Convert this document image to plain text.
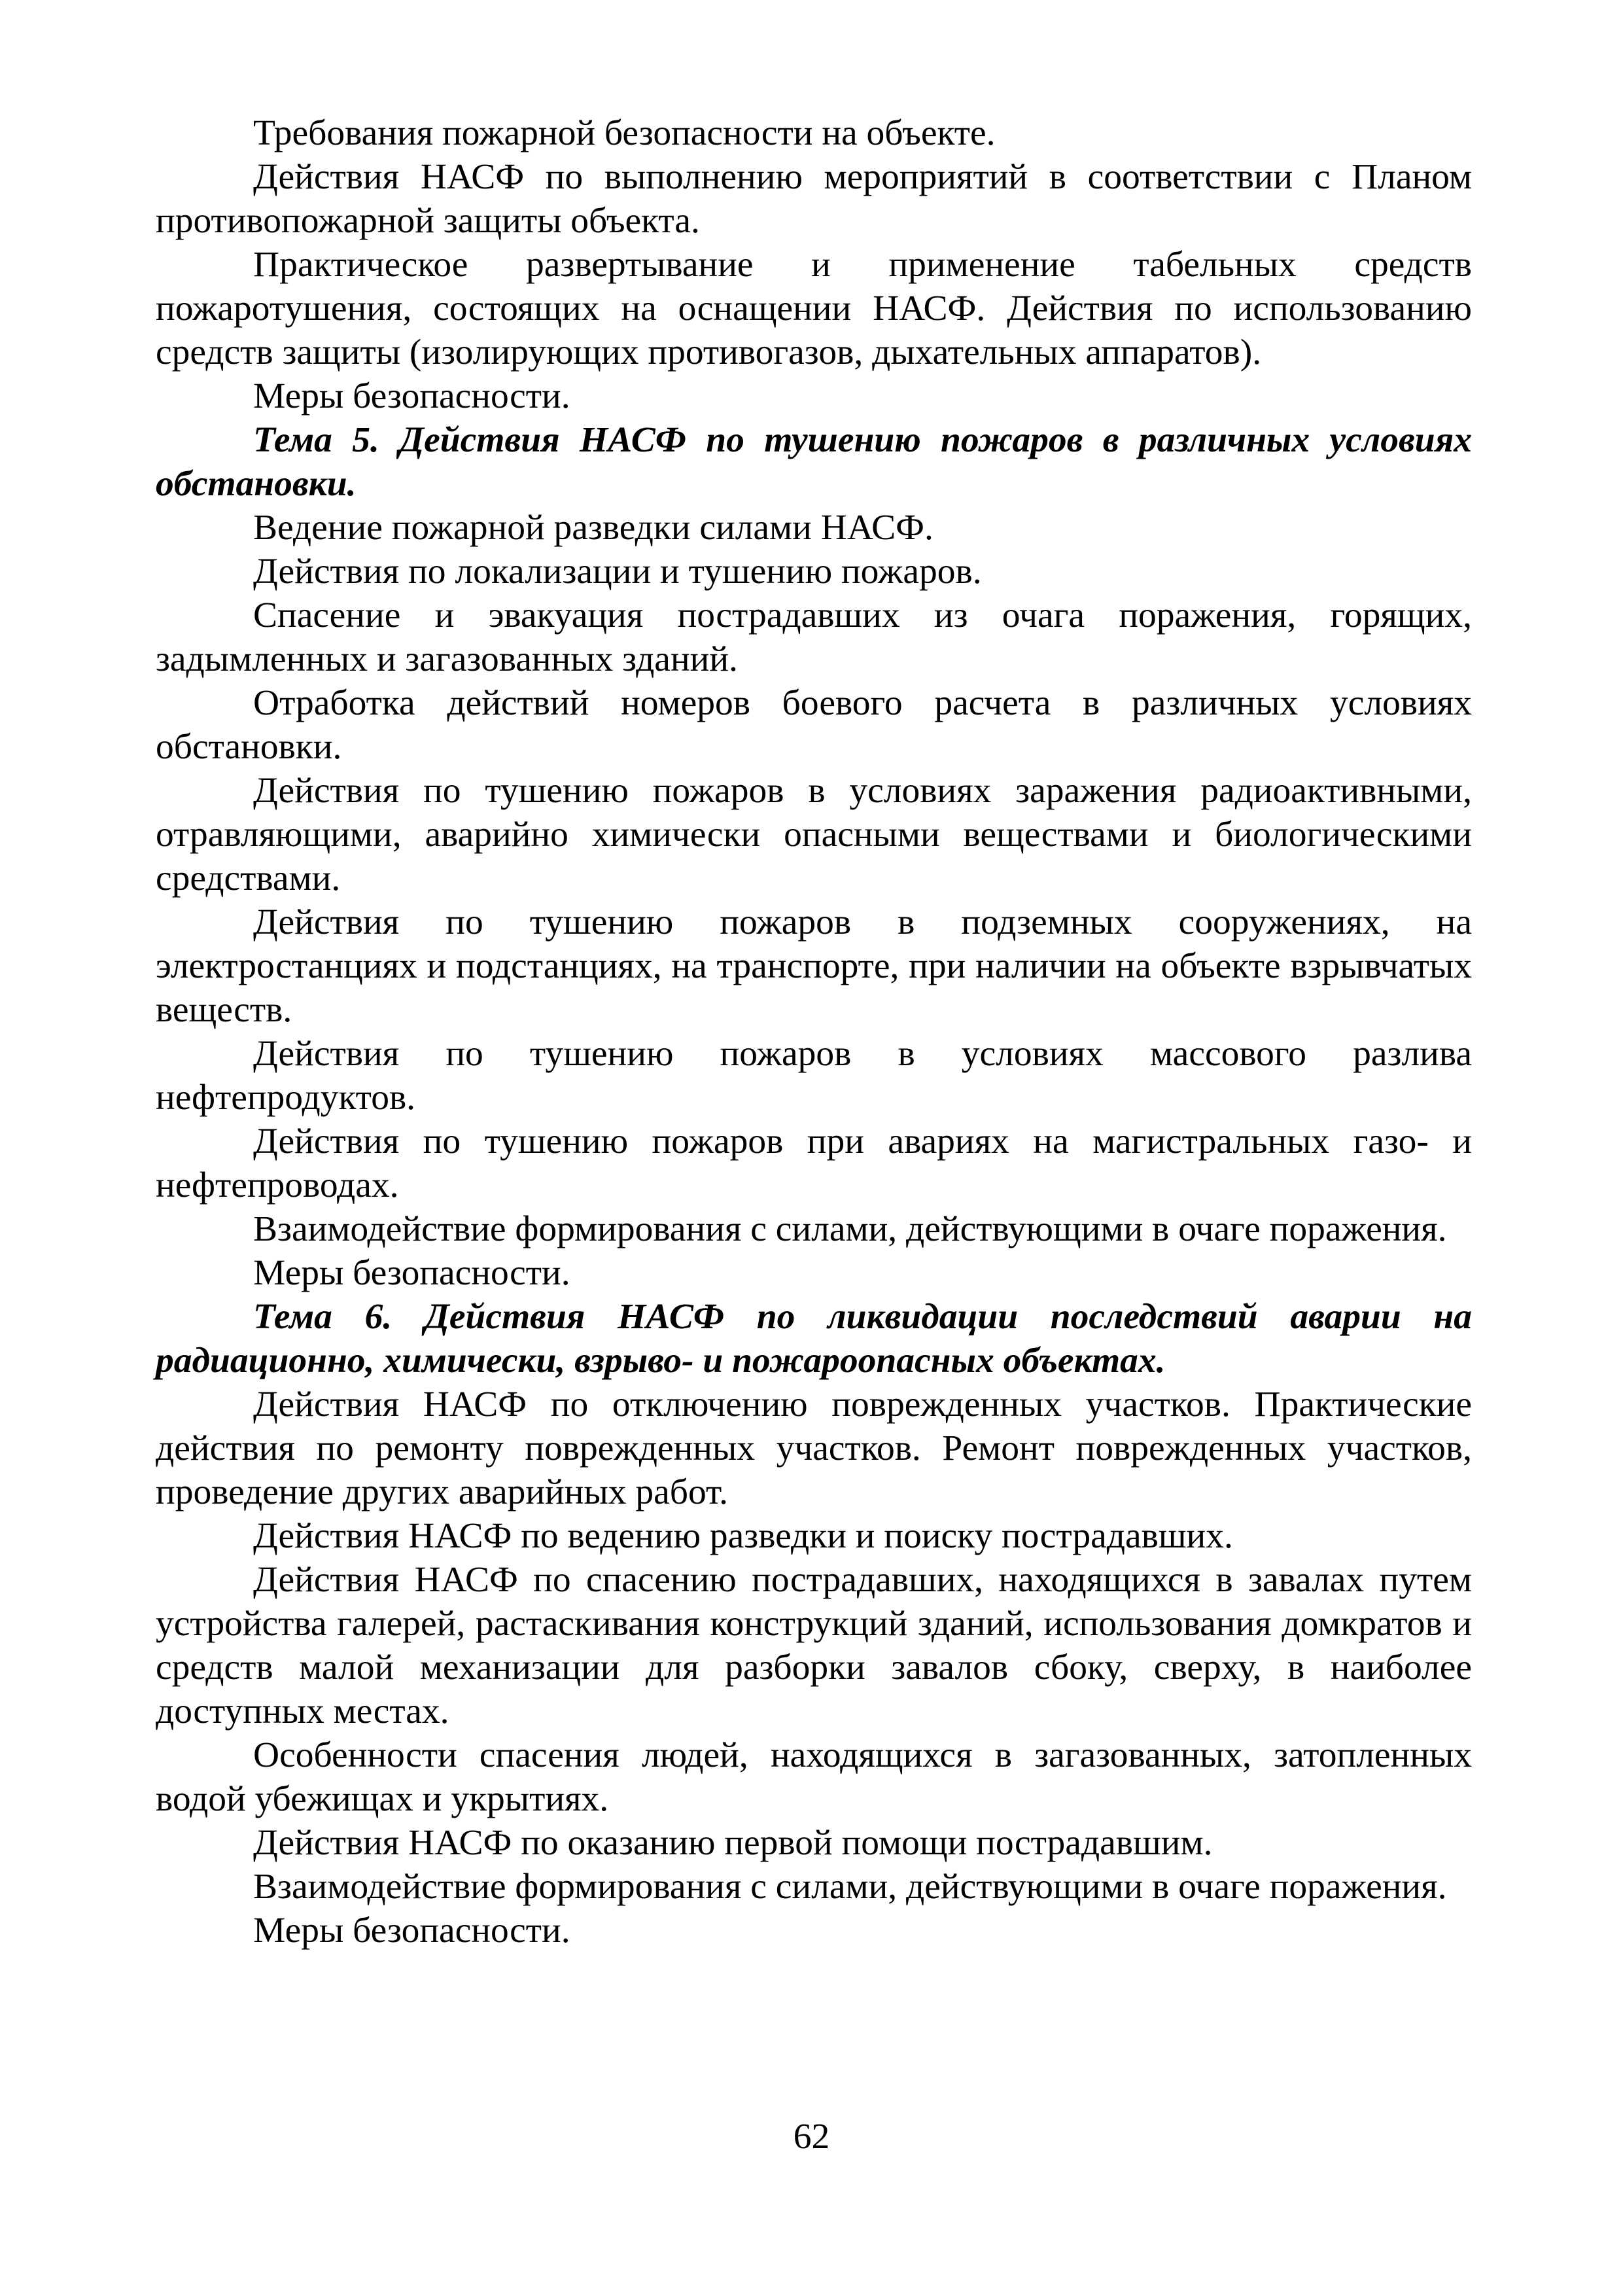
Требования пожарной безопасности на объекте.

Действия НАСФ по выполнению мероприятий в соответствии с Планом противопожарной защиты объекта.

Практическое развертывание и применение табельных средств пожаротушения, состоящих на оснащении НАСФ. Действия по использованию средств защиты (изолирующих противогазов, дыхательных аппаратов).

Меры безопасности.

Тема 5. Действия НАСФ по тушению пожаров в различных условиях обстановки.

Ведение пожарной разведки силами НАСФ.

Действия по локализации и тушению пожаров.

Спасение и эвакуация пострадавших из очага поражения, горящих, задымленных и загазованных зданий.

Отработка действий номеров боевого расчета в различных условиях обстановки.

Действия по тушению пожаров в условиях заражения радиоактивными, отравляющими, аварийно химически опасными веществами и биологическими средствами.

Действия по тушению пожаров в подземных сооружениях, на электростанциях и подстанциях, на транспорте, при наличии на объекте взрывчатых веществ.

Действия по тушению пожаров в условиях массового разлива нефтепродуктов.

Действия по тушению пожаров при авариях на магистральных газо- и нефтепроводах.

Взаимодействие формирования с силами, действующими в очаге поражения.

Меры безопасности.

Тема 6. Действия НАСФ по ликвидации последствий аварии на радиационно, химически, взрыво- и пожароопасных объектах.

Действия НАСФ по отключению поврежденных участков. Практические действия по ремонту поврежденных участков. Ремонт поврежденных участков, проведение других аварийных работ.

Действия НАСФ по ведению разведки и поиску пострадавших.

Действия НАСФ по спасению пострадавших, находящихся в завалах путем устройства галерей, растаскивания конструкций зданий, использования домкратов и средств малой механизации для разборки завалов сбоку, сверху, в наиболее доступных местах.

Особенности спасения людей, находящихся в загазованных, затопленных водой убежищах и укрытиях.

Действия НАСФ по оказанию первой помощи пострадавшим.

Взаимодействие формирования с силами, действующими в очаге поражения.

Меры безопасности.

62
